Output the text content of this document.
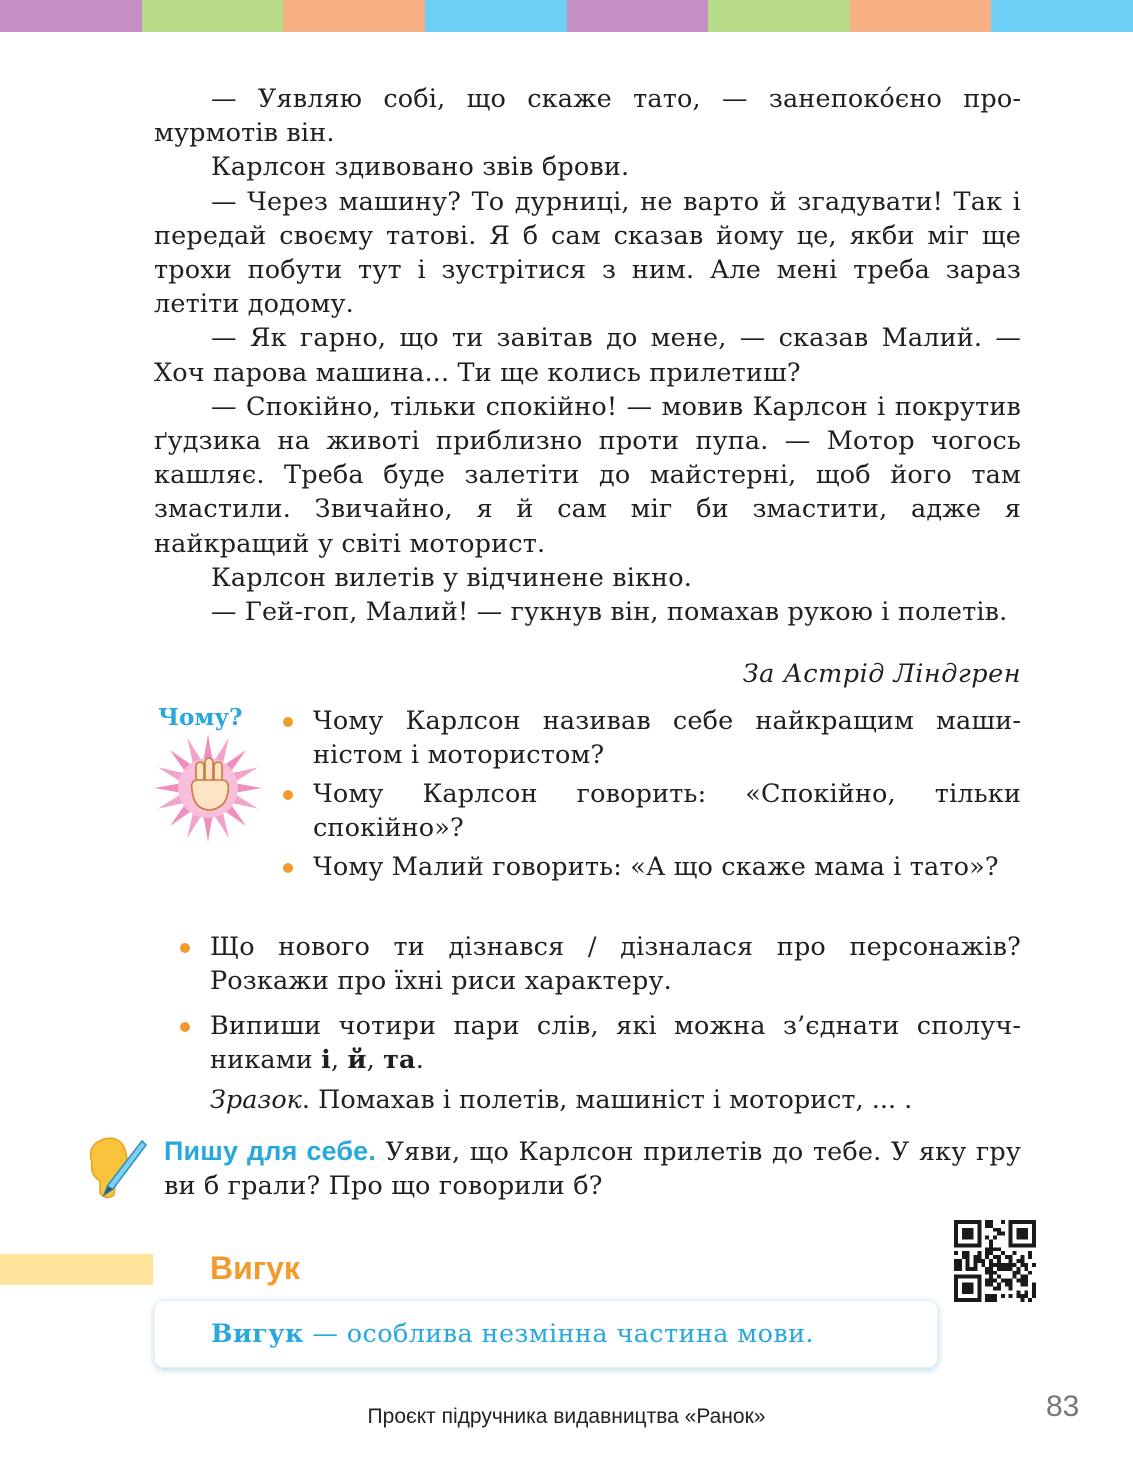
— Уявляю собі, що скаже тато, — занепоко́єно промурмотів він.

Карлсон здивовано звів брови.

— Через машину? То дурниці, не варто й згадувати! Так і передай своєму татові. Я б сам сказав йому це, якби міг ще трохи побути тут і зустрітися з ним. Але мені треба зараз летіти додому.

— Як гарно, що ти завітав до мене, — сказав Малий. — Хоч парова машина... Ти ще колись прилетиш?

— Спокійно, тільки спокійно! — мовив Карлсон і покрутив ґудзика на животі приблизно проти пупа. — Мотор чогось кашляє. Треба буде залетіти до майстерні, щоб його там змастили. Звичайно, я й сам міг би змастити, адже я найкращий у світі моторист.

Карлсон вилетів у відчинене вікно.

— Гей-гоп, Малий! — гукнув він, помахав рукою і полетів.

За Астрід Ліндгрен

Чому?	Чому Карлсон називав себе найкращим машиністом і мотористом?

Чому Карлсон говорить: «Спокійно, тільки спокійно»?

Чому Малий говорить: «А що скаже мама і тато»?

Що нового ти дізнався / дізналася про персонажів? Розкажи про їхні риси характеру.

Випиши чотири пари слів, які можна з’єднати сполучниками і, й, та.

Зразок. Помахав і полетів, машиніст і моторист, ... .

Пишу для себе. Уяви, що Карлсон прилетів до тебе. У яку гру ви б грали? Про що говорили б?

Вигук

Вигук — особлива незмінна частина мови.

Проєкт підручника видавництва «Ранок»	83
